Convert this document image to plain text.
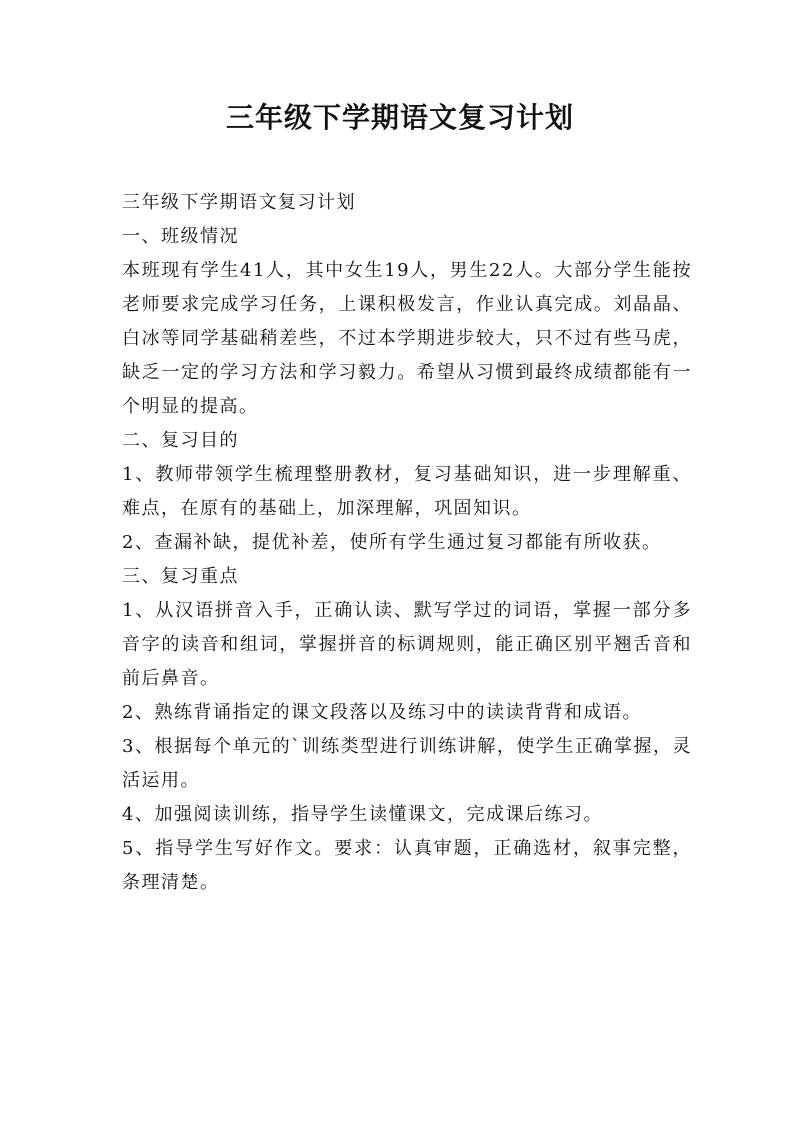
三年级下学期语文复习计划

三年级下学期语文复习计划

一、班级情况

本班现有学生41人，其中女生19人，男生22人。大部分学生能按老师要求完成学习任务，上课积极发言，作业认真完成。刘晶晶、白冰等同学基础稍差些，不过本学期进步较大，只不过有些马虎，缺乏一定的学习方法和学习毅力。希望从习惯到最终成绩都能有一个明显的提高。

二、复习目的

1、教师带领学生梳理整册教材，复习基础知识，进一步理解重、难点，在原有的基础上，加深理解，巩固知识。

2、查漏补缺，提优补差，使所有学生通过复习都能有所收获。

三、复习重点

1、从汉语拼音入手，正确认读、默写学过的词语，掌握一部分多音字的读音和组词，掌握拼音的标调规则，能正确区别平翘舌音和前后鼻音。

2、熟练背诵指定的课文段落以及练习中的读读背背和成语。

3、根据每个单元的`训练类型进行训练讲解，使学生正确掌握，灵活运用。

4、加强阅读训练，指导学生读懂课文，完成课后练习。

5、指导学生写好作文。要求：认真审题，正确选材，叙事完整，条理清楚。
